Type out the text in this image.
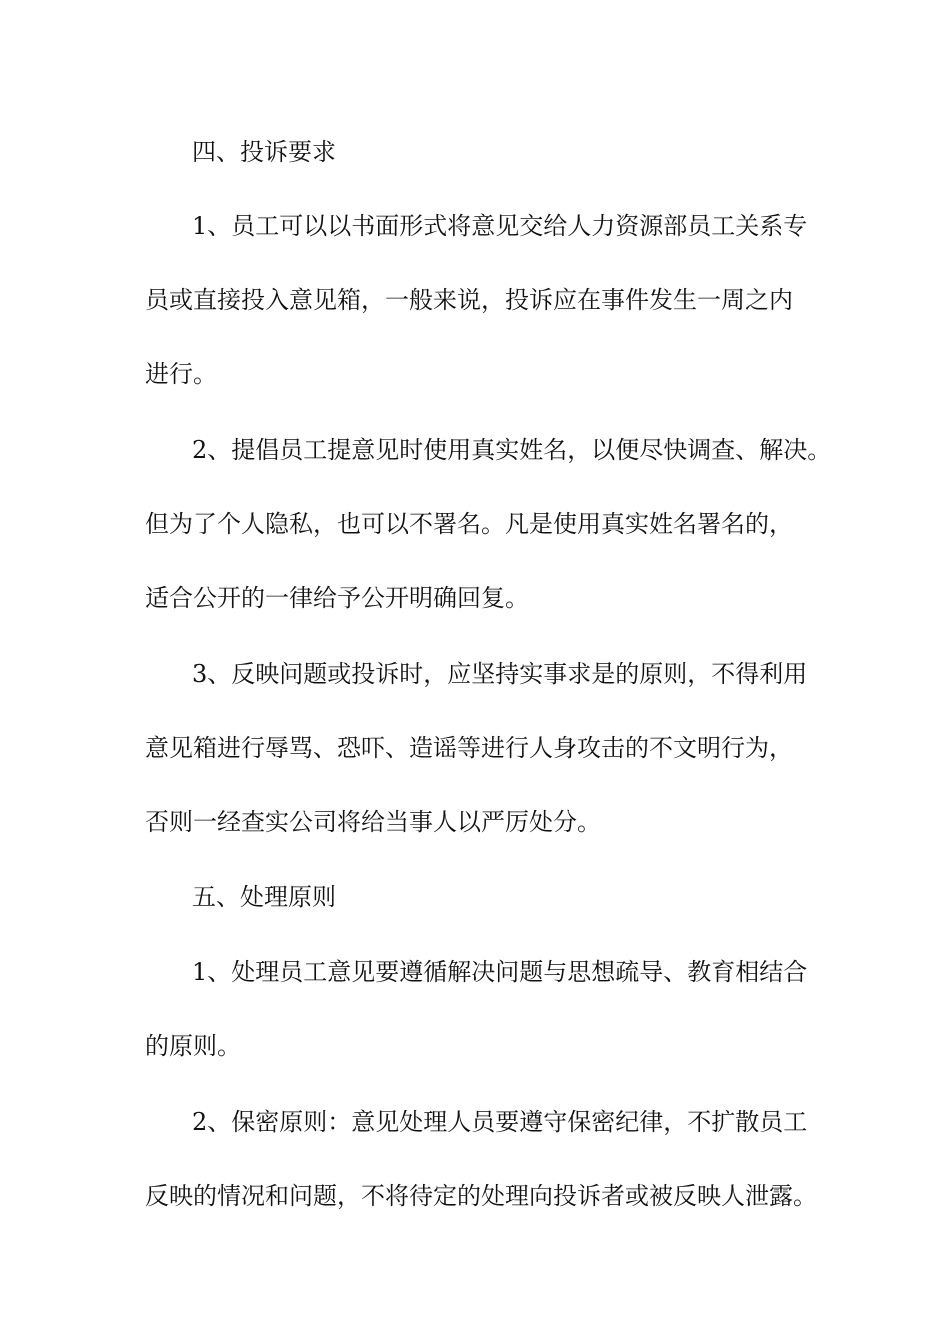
四、投诉要求
1、员工可以以书面形式将意见交给人力资源部员工关系专
员或直接投入意见箱，一般来说，投诉应在事件发生一周之内
进行。
2、提倡员工提意见时使用真实姓名，以便尽快调查、解决。
但为了个人隐私，也可以不署名。凡是使用真实姓名署名的，
适合公开的一律给予公开明确回复。
3、反映问题或投诉时，应坚持实事求是的原则，不得利用
意见箱进行辱骂、恐吓、造谣等进行人身攻击的不文明行为，
否则一经查实公司将给当事人以严厉处分。
五、处理原则
1、处理员工意见要遵循解决问题与思想疏导、教育相结合
的原则。
2、保密原则：意见处理人员要遵守保密纪律，不扩散员工
反映的情况和问题，不将待定的处理向投诉者或被反映人泄露。
